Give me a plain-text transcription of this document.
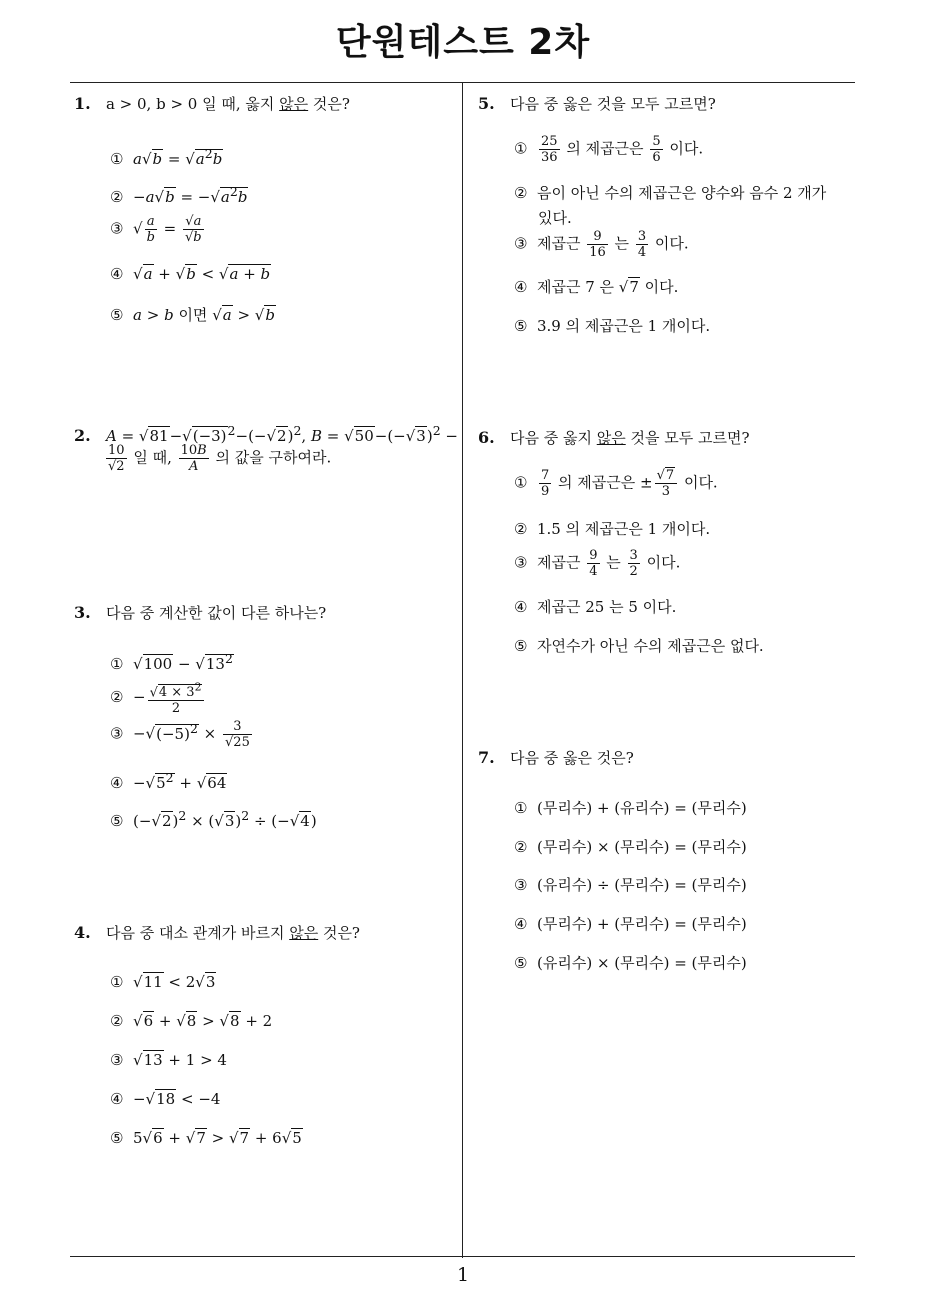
단원테스트 2차
1
1. a > 0, b > 0 일 때, 옳지 않은 것은?
① $a√b = √a^2b$
②  $-a√b = -√a^2b$
③  √ $\frac{a}{b} = \frac{√a}{√b}$
④  √a + √b < √a + b
⑤ a > b 이면 √a > √b
2. $A = √81-√(-3)^2-(-√2)^2$, $B = √50-(-√3)^2$ −
$\frac{10}{√2}$ 일 때, $\frac{10B}{A}$ 의 값을 구하여라.
3. 다음 중 계산한 값이 다른 하나는?
①  $√100 - √13^2$
②  − $\frac{√4 \times 3^2}{2}$
③  $-√(-5)^2 \times \frac{3}{√25}$
④  $-√5^2 + √64$
⑤  $(-√2)^2 \times (√3)^2 \div (-√4)$
4. 다음 중 대소 관계가 바르지 않은 것은?
①  √11 < 2√3
②  √6 + √8 > √8 + 2
③  √13 + 1 > 4
④  −√18 < −4
⑤  5√6 + √7 > √7 + 6√5
5. 다음 중 옳은 것을 모두 고르면?
① $\frac{25}{36}$ 의 제곱근은 $\frac{5}{6}$ 이다.
② 음이 아닌 수의 제곱근은 양수와 음수 2 개가
있다.
③  제곱근 $\frac{9}{16}$ 는 $\frac{3}{4}$ 이다.
④  제곱근 7 은 √7 이다.
⑤ 3.9 의 제곱근은 1 개이다.
6. 다음 중 옳지 않은 것을 모두 고르면?
① $\frac{7}{9}$ 의 제곱근은 ± $\frac{√7}{3}$ 이다.
② 1.5 의 제곱근은 1 개이다.
③  제곱근 $\frac{9}{4}$ 는 $\frac{3}{2}$ 이다.
④ 제곱근 25 는 5 이다.
⑤ 자연수가 아닌 수의 제곱근은 없다.
7. 다음 중 옳은 것은?
① (무리수) + (유리수) = (무리수)
② (무리수) × (무리수) = (무리수)
③ (유리수) ÷ (무리수) = (무리수)
④ (무리수) + (무리수) = (무리수)
⑤ (유리수) × (무리수) = (무리수)
